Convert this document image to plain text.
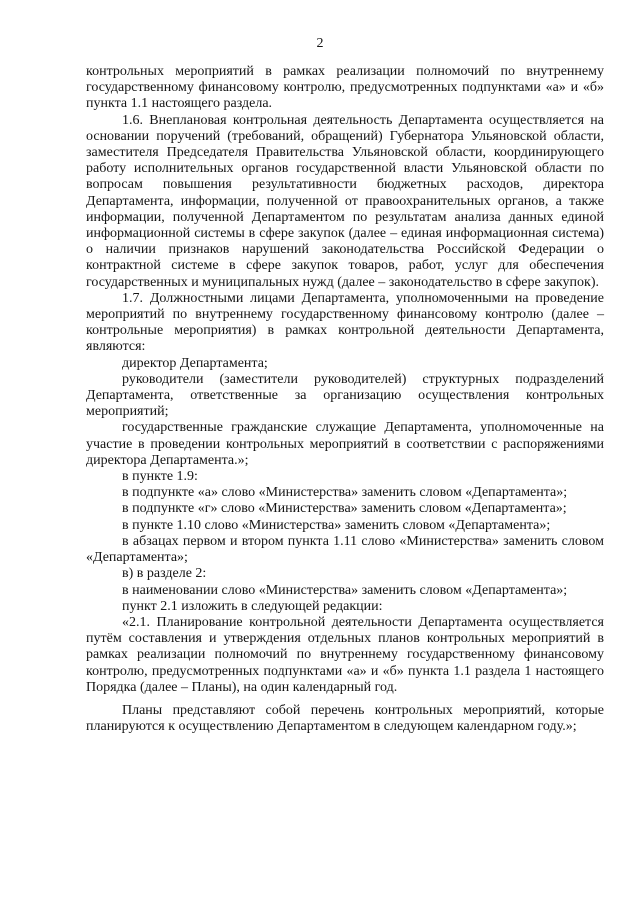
2

контрольных мероприятий в рамках реализации полномочий по внутреннему государственному финансовому контролю, предусмотренных подпунктами «а» и «б» пункта 1.1 настоящего раздела.

1.6. Внеплановая контрольная деятельность Департамента осуществляется на основании поручений (требований, обращений) Губернатора Ульяновской области, заместителя Председателя Правительства Ульяновской области, координирующего работу исполнительных органов государственной власти Ульяновской области по вопросам повышения результативности бюджетных расходов, директора Департамента, информации, полученной от правоохранительных органов, а также информации, полученной Департаментом по результатам анализа данных единой информационной системы в сфере закупок (далее – единая информационная система) о наличии признаков нарушений законодательства Российской Федерации о контрактной системе в сфере закупок товаров, работ, услуг для обеспечения государственных и муниципальных нужд (далее – законодательство в сфере закупок).

1.7. Должностными лицами Департамента, уполномоченными на проведение мероприятий по внутреннему государственному финансовому контролю (далее – контрольные мероприятия) в рамках контрольной деятельности Департамента, являются:

директор Департамента;

руководители (заместители руководителей) структурных подразделений Департамента, ответственные за организацию осуществления контрольных мероприятий;

государственные гражданские служащие Департамента, уполномоченные на участие в проведении контрольных мероприятий в соответствии с распоряжениями директора Департамента.»;

в пункте 1.9:

в подпункте «а» слово «Министерства» заменить словом «Департамента»;

в подпункте «г» слово «Министерства» заменить словом «Департамента»;

в пункте 1.10 слово «Министерства» заменить словом «Департамента»;

в абзацах первом и втором пункта 1.11 слово «Министерства» заменить словом «Департамента»;

в) в разделе 2:

в наименовании слово «Министерства» заменить словом «Департамента»;

пункт 2.1 изложить в следующей редакции:

«2.1. Планирование контрольной деятельности Департамента осуществляется путём составления и утверждения отдельных планов контрольных мероприятий в рамках реализации полномочий по внутреннему государственному финансовому контролю, предусмотренных подпунктами «а» и «б» пункта 1.1 раздела 1 настоящего Порядка (далее – Планы), на один календарный год.

Планы представляют собой перечень контрольных мероприятий, которые планируются к осуществлению Департаментом в следующем календарном году.»;
